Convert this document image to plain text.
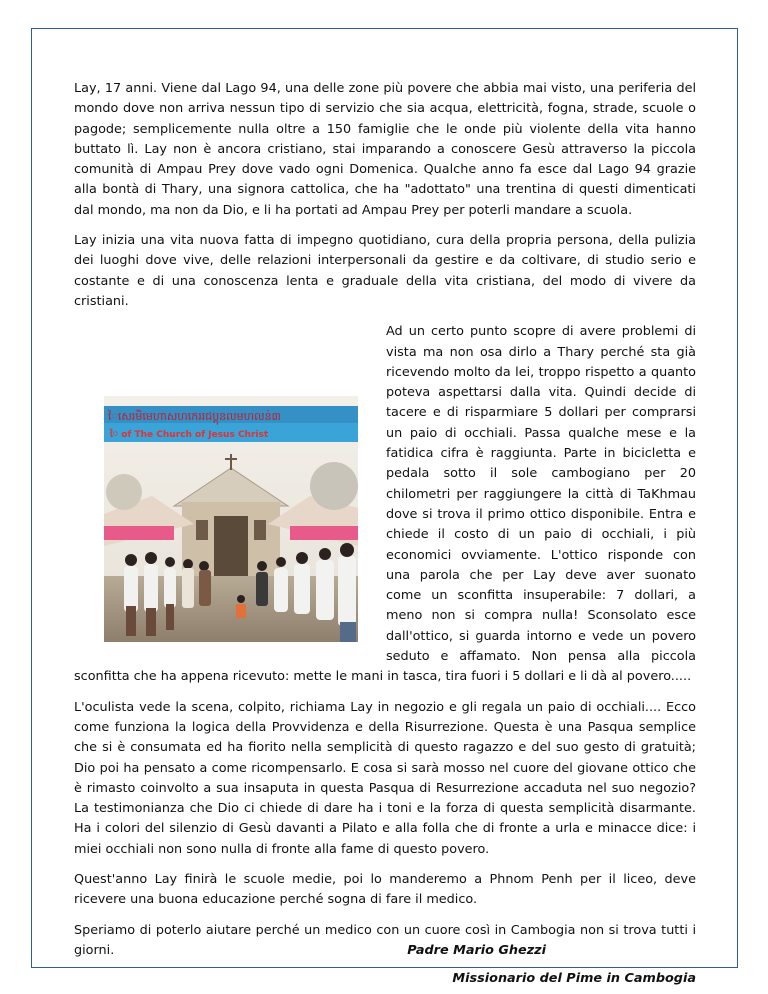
Lay, 17 anni. Viene dal Lago 94, una delle zone più povere che abbia mai visto, una periferia del mondo dove non arriva nessun tipo di servizio che sia acqua, elettricità, fogna, strade, scuole o pagode; semplicemente nulla oltre a 150 famiglie che le onde più violente della vita hanno buttato lì. Lay non è ancora cristiano, stai imparando a conoscere Gesù attraverso la piccola comunità di Ampau Prey dove vado ogni Domenica. Qualche anno fa esce dal Lago 94 grazie alla bontà di Thary, una signora cattolica, che ha "adottato" una trentina di questi dimenticati dal mondo, ma non da Dio, e li ha portati ad Ampau Prey per poterli mandare a scuola.

Lay inizia una vita nuova fatta di impegno quotidiano, cura della propria persona, della pulizia dei luoghi dove vive, delle relazioni interpersonali da gestire e da coltivare, di studio serio e costante e di una conoscenza lenta e graduale della vita cristiana, del modo di vivere da cristiani.

ៃសេរមិមេហាសហកេររជប្តុនលមហលន់៣
ៃ of The Church of Jesus Christ
Ad un certo punto scopre di avere problemi di vista ma non osa dirlo a Thary perché sta già ricevendo molto da lei, troppo rispetto a quanto poteva aspettarsi dalla vita. Quindi decide di tacere e di risparmiare 5 dollari per comprarsi un paio di occhiali. Passa qualche mese e la fatidica cifra è raggiunta. Parte in bicicletta e pedala sotto il sole cambogiano per 20 chilometri per raggiungere la città di TaKhmau dove si trova il primo ottico disponibile. Entra e chiede il costo di un paio di occhiali, i più economici ovviamente. L'ottico risponde con una parola che per Lay deve aver suonato come un sconfitta insuperabile: 7 dollari, a meno non si compra nulla! Sconsolato esce dall'ottico, si guarda intorno e vede un povero seduto e affamato. Non pensa alla piccola sconfitta che ha appena ricevuto: mette le mani in tasca, tira fuori i 5 dollari e li dà al povero.....

L'oculista vede la scena, colpito, richiama Lay in negozio e gli regala un paio di occhiali.... Ecco come funziona la logica della Provvidenza e della Risurrezione. Questa è una Pasqua semplice che si è consumata ed ha fiorito nella semplicità di questo ragazzo e del suo gesto di gratuità; Dio poi ha pensato a come ricompensarlo. E cosa si sarà mosso nel cuore del giovane ottico che è rimasto coinvolto a sua insaputa in questa Pasqua di Resurrezione accaduta nel suo negozio? La testimonianza che Dio ci chiede di dare ha i toni e la forza di questa semplicità disarmante. Ha i colori del silenzio di Gesù davanti a Pilato e alla folla che di fronte a urla e minacce dice: i miei occhiali non sono nulla di fronte alla fame di questo povero.

Quest'anno Lay finirà le scuole medie, poi lo manderemo a Phnom Penh per il liceo, deve ricevere una buona educazione perché sogna di fare il medico.

Speriamo di poterlo aiutare perché un medico con un cuore così in Cambogia non si trova tutti i giorni.	Padre Mario Ghezzi
Missionario del Pime in Cambogia
